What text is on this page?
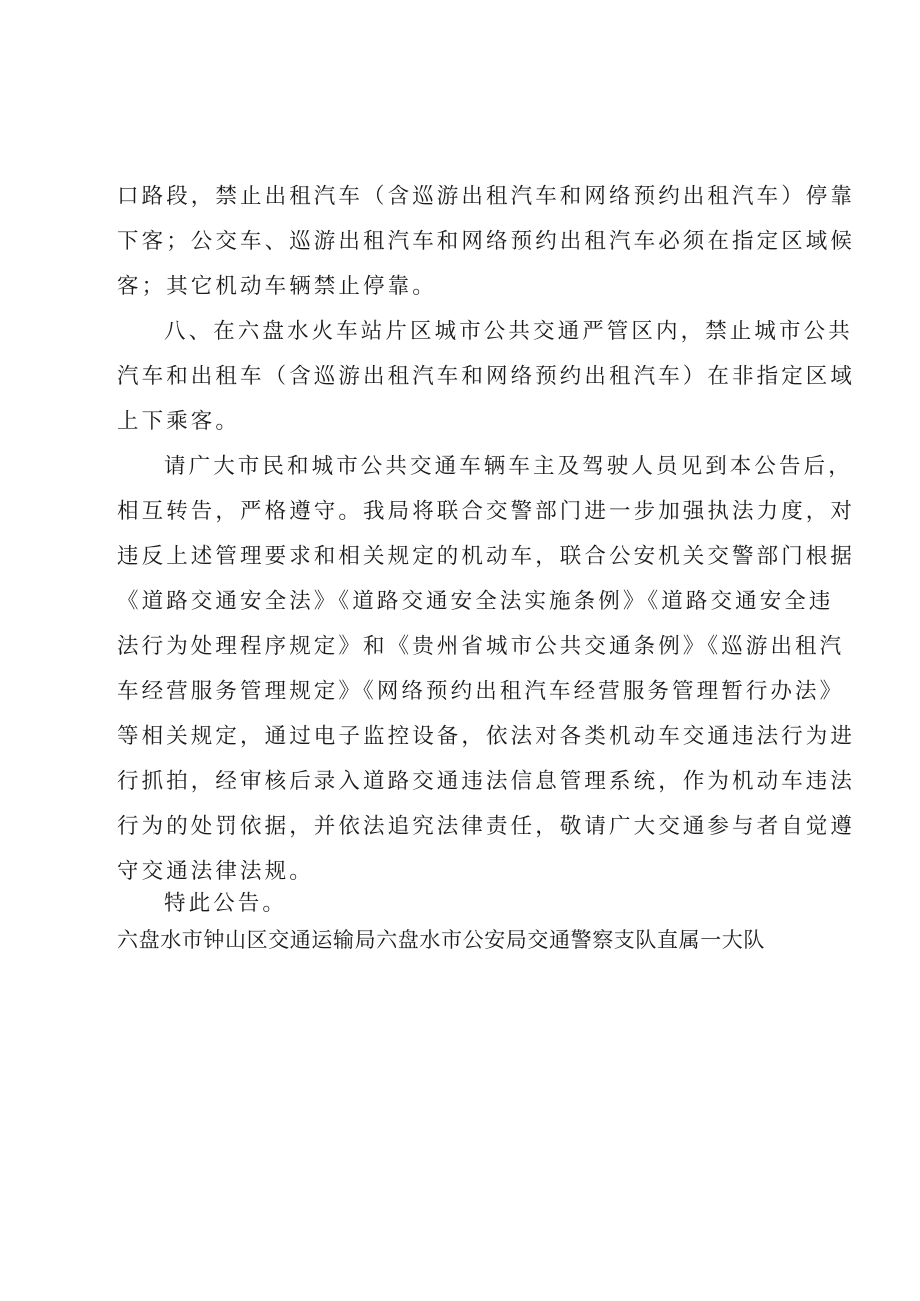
口路段，禁止出租汽车（含巡游出租汽车和网络预约出租汽车）停靠
下客；公交车、巡游出租汽车和网络预约出租汽车必须在指定区域候
客；其它机动车辆禁止停靠。
八、在六盘水火车站片区城市公共交通严管区内，禁止城市公共
汽车和出租车（含巡游出租汽车和网络预约出租汽车）在非指定区域
上下乘客。
请广大市民和城市公共交通车辆车主及驾驶人员见到本公告后，
相互转告，严格遵守。我局将联合交警部门进一步加强执法力度，对
违反上述管理要求和相关规定的机动车，联合公安机关交警部门根据
《道路交通安全法》《道路交通安全法实施条例》《道路交通安全违
法行为处理程序规定》和《贵州省城市公共交通条例》《巡游出租汽
车经营服务管理规定》《网络预约出租汽车经营服务管理暂行办法》
等相关规定，通过电子监控设备，依法对各类机动车交通违法行为进
行抓拍，经审核后录入道路交通违法信息管理系统，作为机动车违法
行为的处罚依据，并依法追究法律责任，敬请广大交通参与者自觉遵
守交通法律法规。
特此公告。
六盘水市钟山区交通运输局六盘水市公安局交通警察支队直属一大队
